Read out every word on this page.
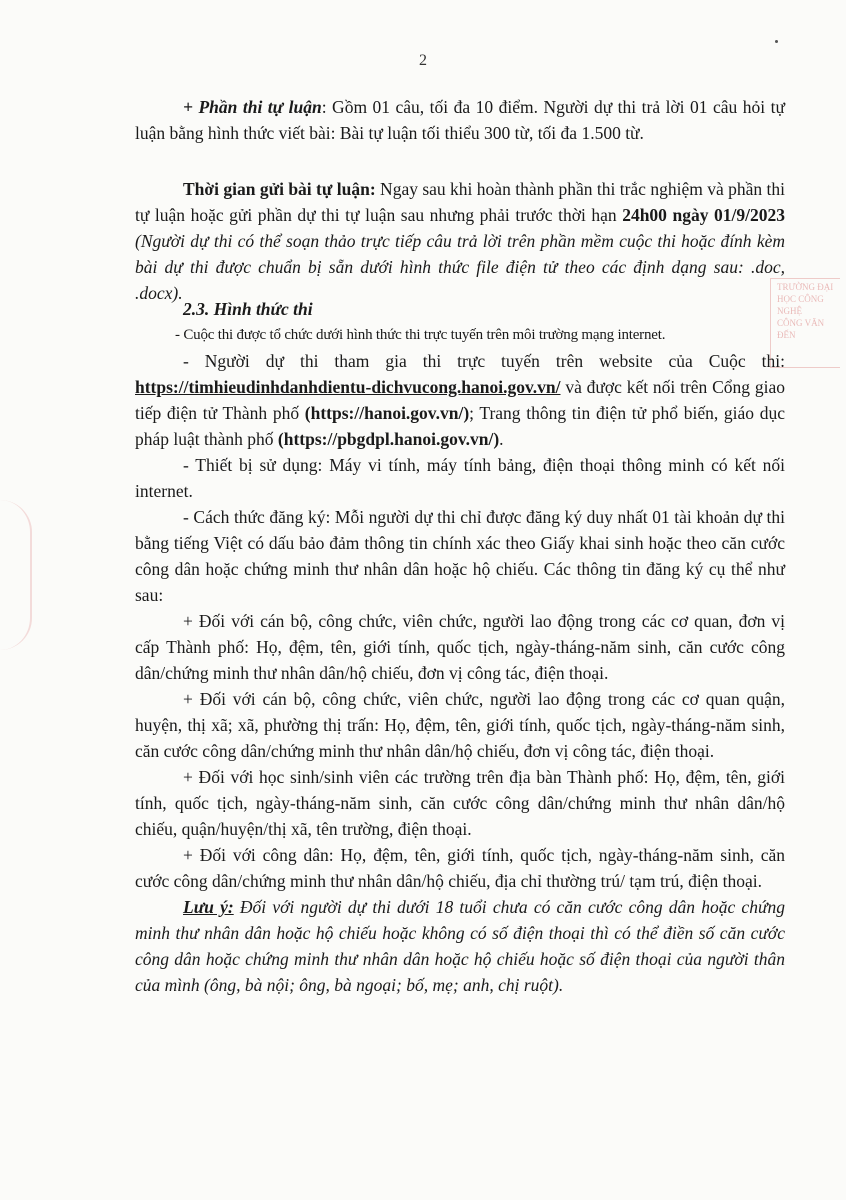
TRƯỜNG ĐẠI HỌC CÔNG NGHỆ
CÔNG VĂN ĐẾN
2

+ Phần thi tự luận: Gồm 01 câu, tối đa 10 điểm. Người dự thi trả lời 01 câu hỏi tự luận bằng hình thức viết bài: Bài tự luận tối thiểu 300 từ, tối đa 1.500 từ.

Thời gian gửi bài tự luận: Ngay sau khi hoàn thành phần thi trắc nghiệm và phần thi tự luận hoặc gửi phần dự thi tự luận sau nhưng phải trước thời hạn 24h00 ngày 01/9/2023 (Người dự thi có thể soạn thảo trực tiếp câu trả lời trên phần mềm cuộc thi hoặc đính kèm bài dự thi được chuẩn bị sẵn dưới hình thức file điện tử theo các định dạng sau: .doc, .docx).

2.3. Hình thức thi

- Cuộc thi được tổ chức dưới hình thức thi trực tuyến trên môi trường mạng internet.

- Người dự thi tham gia thi trực tuyến trên website của Cuộc thi: https://timhieudinhdanhdientu-dichvucong.hanoi.gov.vn/ và được kết nối trên Cổng giao tiếp điện tử Thành phố (https://hanoi.gov.vn/); Trang thông tin điện tử phổ biến, giáo dục pháp luật thành phố (https://pbgdpl.hanoi.gov.vn/).

- Thiết bị sử dụng: Máy vi tính, máy tính bảng, điện thoại thông minh có kết nối internet.

- Cách thức đăng ký: Mỗi người dự thi chỉ được đăng ký duy nhất 01 tài khoản dự thi bằng tiếng Việt có dấu bảo đảm thông tin chính xác theo Giấy khai sinh hoặc theo căn cước công dân hoặc chứng minh thư nhân dân hoặc hộ chiếu. Các thông tin đăng ký cụ thể như sau:

+ Đối với cán bộ, công chức, viên chức, người lao động trong các cơ quan, đơn vị cấp Thành phố: Họ, đệm, tên, giới tính, quốc tịch, ngày-tháng-năm sinh, căn cước công dân/chứng minh thư nhân dân/hộ chiếu, đơn vị công tác, điện thoại.

+ Đối với cán bộ, công chức, viên chức, người lao động trong các cơ quan quận, huyện, thị xã; xã, phường thị trấn: Họ, đệm, tên, giới tính, quốc tịch, ngày-tháng-năm sinh, căn cước công dân/chứng minh thư nhân dân/hộ chiếu, đơn vị công tác, điện thoại.

+ Đối với học sinh/sinh viên các trường trên địa bàn Thành phố: Họ, đệm, tên, giới tính, quốc tịch, ngày-tháng-năm sinh, căn cước công dân/chứng minh thư nhân dân/hộ chiếu, quận/huyện/thị xã, tên trường, điện thoại.

+ Đối với công dân: Họ, đệm, tên, giới tính, quốc tịch, ngày-tháng-năm sinh, căn cước công dân/chứng minh thư nhân dân/hộ chiếu, địa chỉ thường trú/ tạm trú, điện thoại.

Lưu ý: Đối với người dự thi dưới 18 tuổi chưa có căn cước công dân hoặc chứng minh thư nhân dân hoặc hộ chiếu hoặc không có số điện thoại thì có thể điền số căn cước công dân hoặc chứng minh thư nhân dân hoặc hộ chiếu hoặc số điện thoại của người thân của mình (ông, bà nội; ông, bà ngoại; bố, mẹ; anh, chị ruột).
